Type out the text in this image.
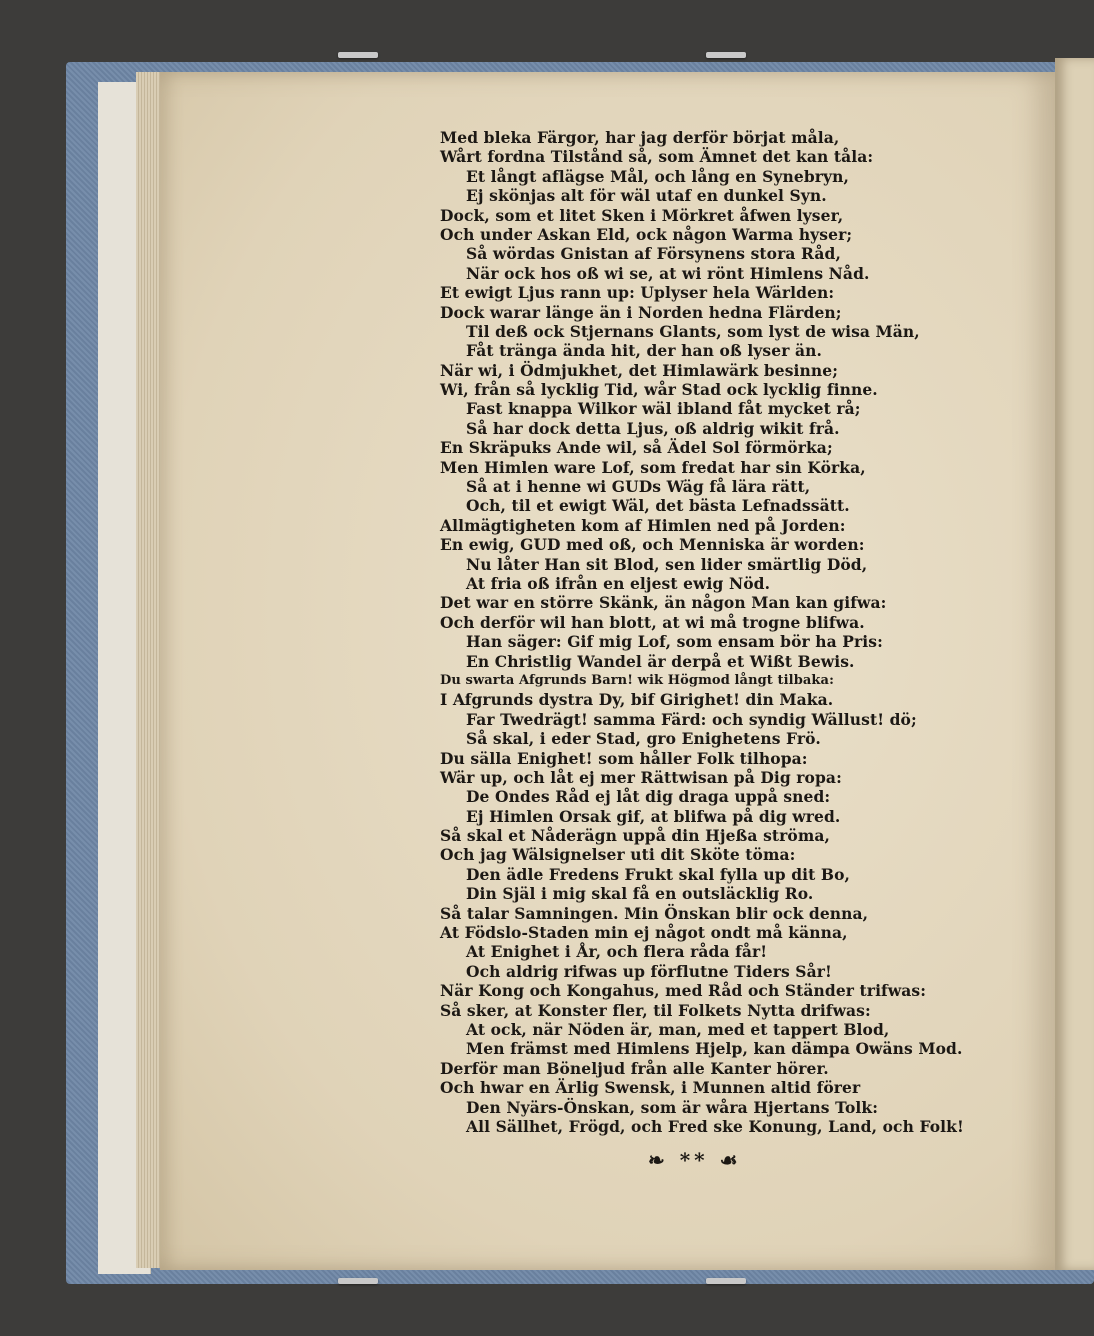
Med bleka Färgor, har jag derför börjat måla,
Wårt fordna Tilstånd så, som Ämnet det kan tåla:
Et långt aflägse Mål, och lång en Synebryn,
Ej skönjas alt för wäl utaf en dunkel Syn.
Dock, som et litet Sken i Mörkret åfwen lyser,
Och under Askan Eld, ock någon Warma hyser;
Så wördas Gnistan af Försynens stora Råd,
När ock hos oß wi se, at wi rönt Himlens Nåd.
Et ewigt Ljus rann up: Uplyser hela Wärlden:
Dock warar länge än i Norden hedna Flärden;
Til deß ock Stjernans Glants, som lyst de wisa Män,
Fåt tränga ända hit, der han oß lyser än.
När wi, i Ödmjukhet, det Himlawärk besinne;
Wi, från så lycklig Tid, wår Stad ock lycklig finne.
Fast knappa Wilkor wäl ibland fåt mycket rå;
Så har dock detta Ljus, oß aldrig wikit frå.
En Skräpuks Ande wil, så Ädel Sol förmörka;
Men Himlen ware Lof, som fredat har sin Körka,
Så at i henne wi GUDs Wäg få lära rätt,
Och, til et ewigt Wäl, det bästa Lefnadssätt.
Allmägtigheten kom af Himlen ned på Jorden:
En ewig, GUD med oß, och Menniska är worden:
Nu låter Han sit Blod, sen lider smärtlig Död,
At fria oß ifrån en eljest ewig Nöd.
Det war en större Skänk, än någon Man kan gifwa:
Och derför wil han blott, at wi må trogne blifwa.
Han säger: Gif mig Lof, som ensam bör ha Pris:
En Christlig Wandel är derpå et Wißt Bewis.
Du swarta Afgrunds Barn! wik Högmod långt tilbaka:
I Afgrunds dystra Dy, bif Girighet! din Maka.
Far Twedrägt! samma Färd: och syndig Wällust! dö;
Så skal, i eder Stad, gro Enighetens Frö.
Du sälla Enighet! som håller Folk tilhopa:
Wär up, och låt ej mer Rättwisan på Dig ropa:
De Ondes Råd ej låt dig draga uppå sned:
Ej Himlen Orsak gif, at blifwa på dig wred.
Så skal et Nåderägn uppå din Hjeßa ströma,
Och jag Wälsignelser uti dit Sköte töma:
Den ädle Fredens Frukt skal fylla up dit Bo,
Din Själ i mig skal få en outsläcklig Ro.
Så talar Samningen. Min Önskan blir ock denna,
At Födslo-Staden min ej något ondt må känna,
At Enighet i År, och flera råda får!
Och aldrig rifwas up förflutne Tiders Sår!
När Kong och Kongahus, med Råd och Ständer trifwas:
Så sker, at Konster fler, til Folkets Nytta drifwas:
At ock, när Nöden är, man, med et tappert Blod,
Men främst med Himlens Hjelp, kan dämpa Owäns Mod.
Derför man Böneljud från alle Kanter hörer.
Och hwar en Ärlig Swensk, i Munnen altid förer
Den Nyärs-Önskan, som är wåra Hjertans Tolk:
All Sällhet, Frögd, och Fred ske Konung, Land, och Folk!
❧ ** ☙
